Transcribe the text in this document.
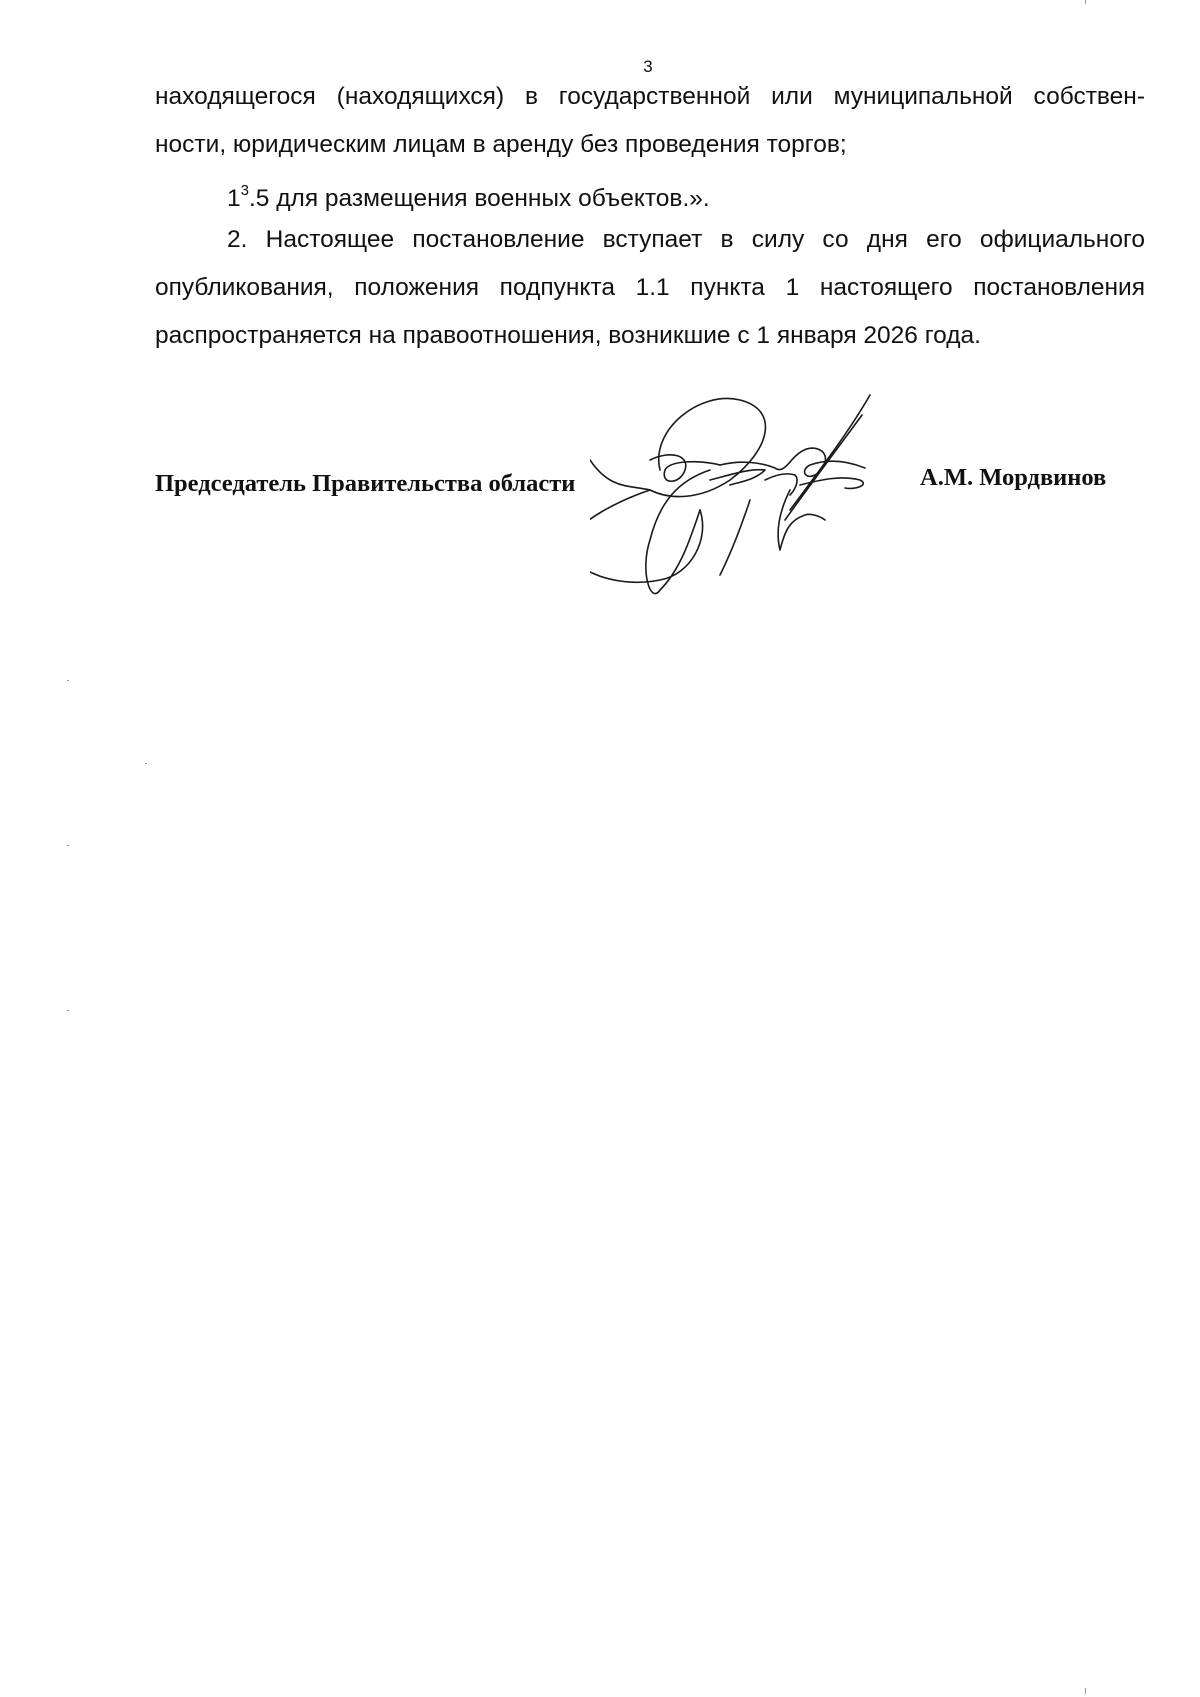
3
находящегося (находящихся) в государственной или муниципальной собствен-
ности, юридическим лицам в аренду без проведения торгов;
$1^3.5$ для размещения военных объектов.».
2. Настоящее постановление вступает в силу со дня его официального
опубликования, положения подпункта 1.1 пункта 1 настоящего постановления
распространяется на правоотношения, возникшие с 1 января 2026 года.
Председатель Правительства области	А.М. Мордвинов
